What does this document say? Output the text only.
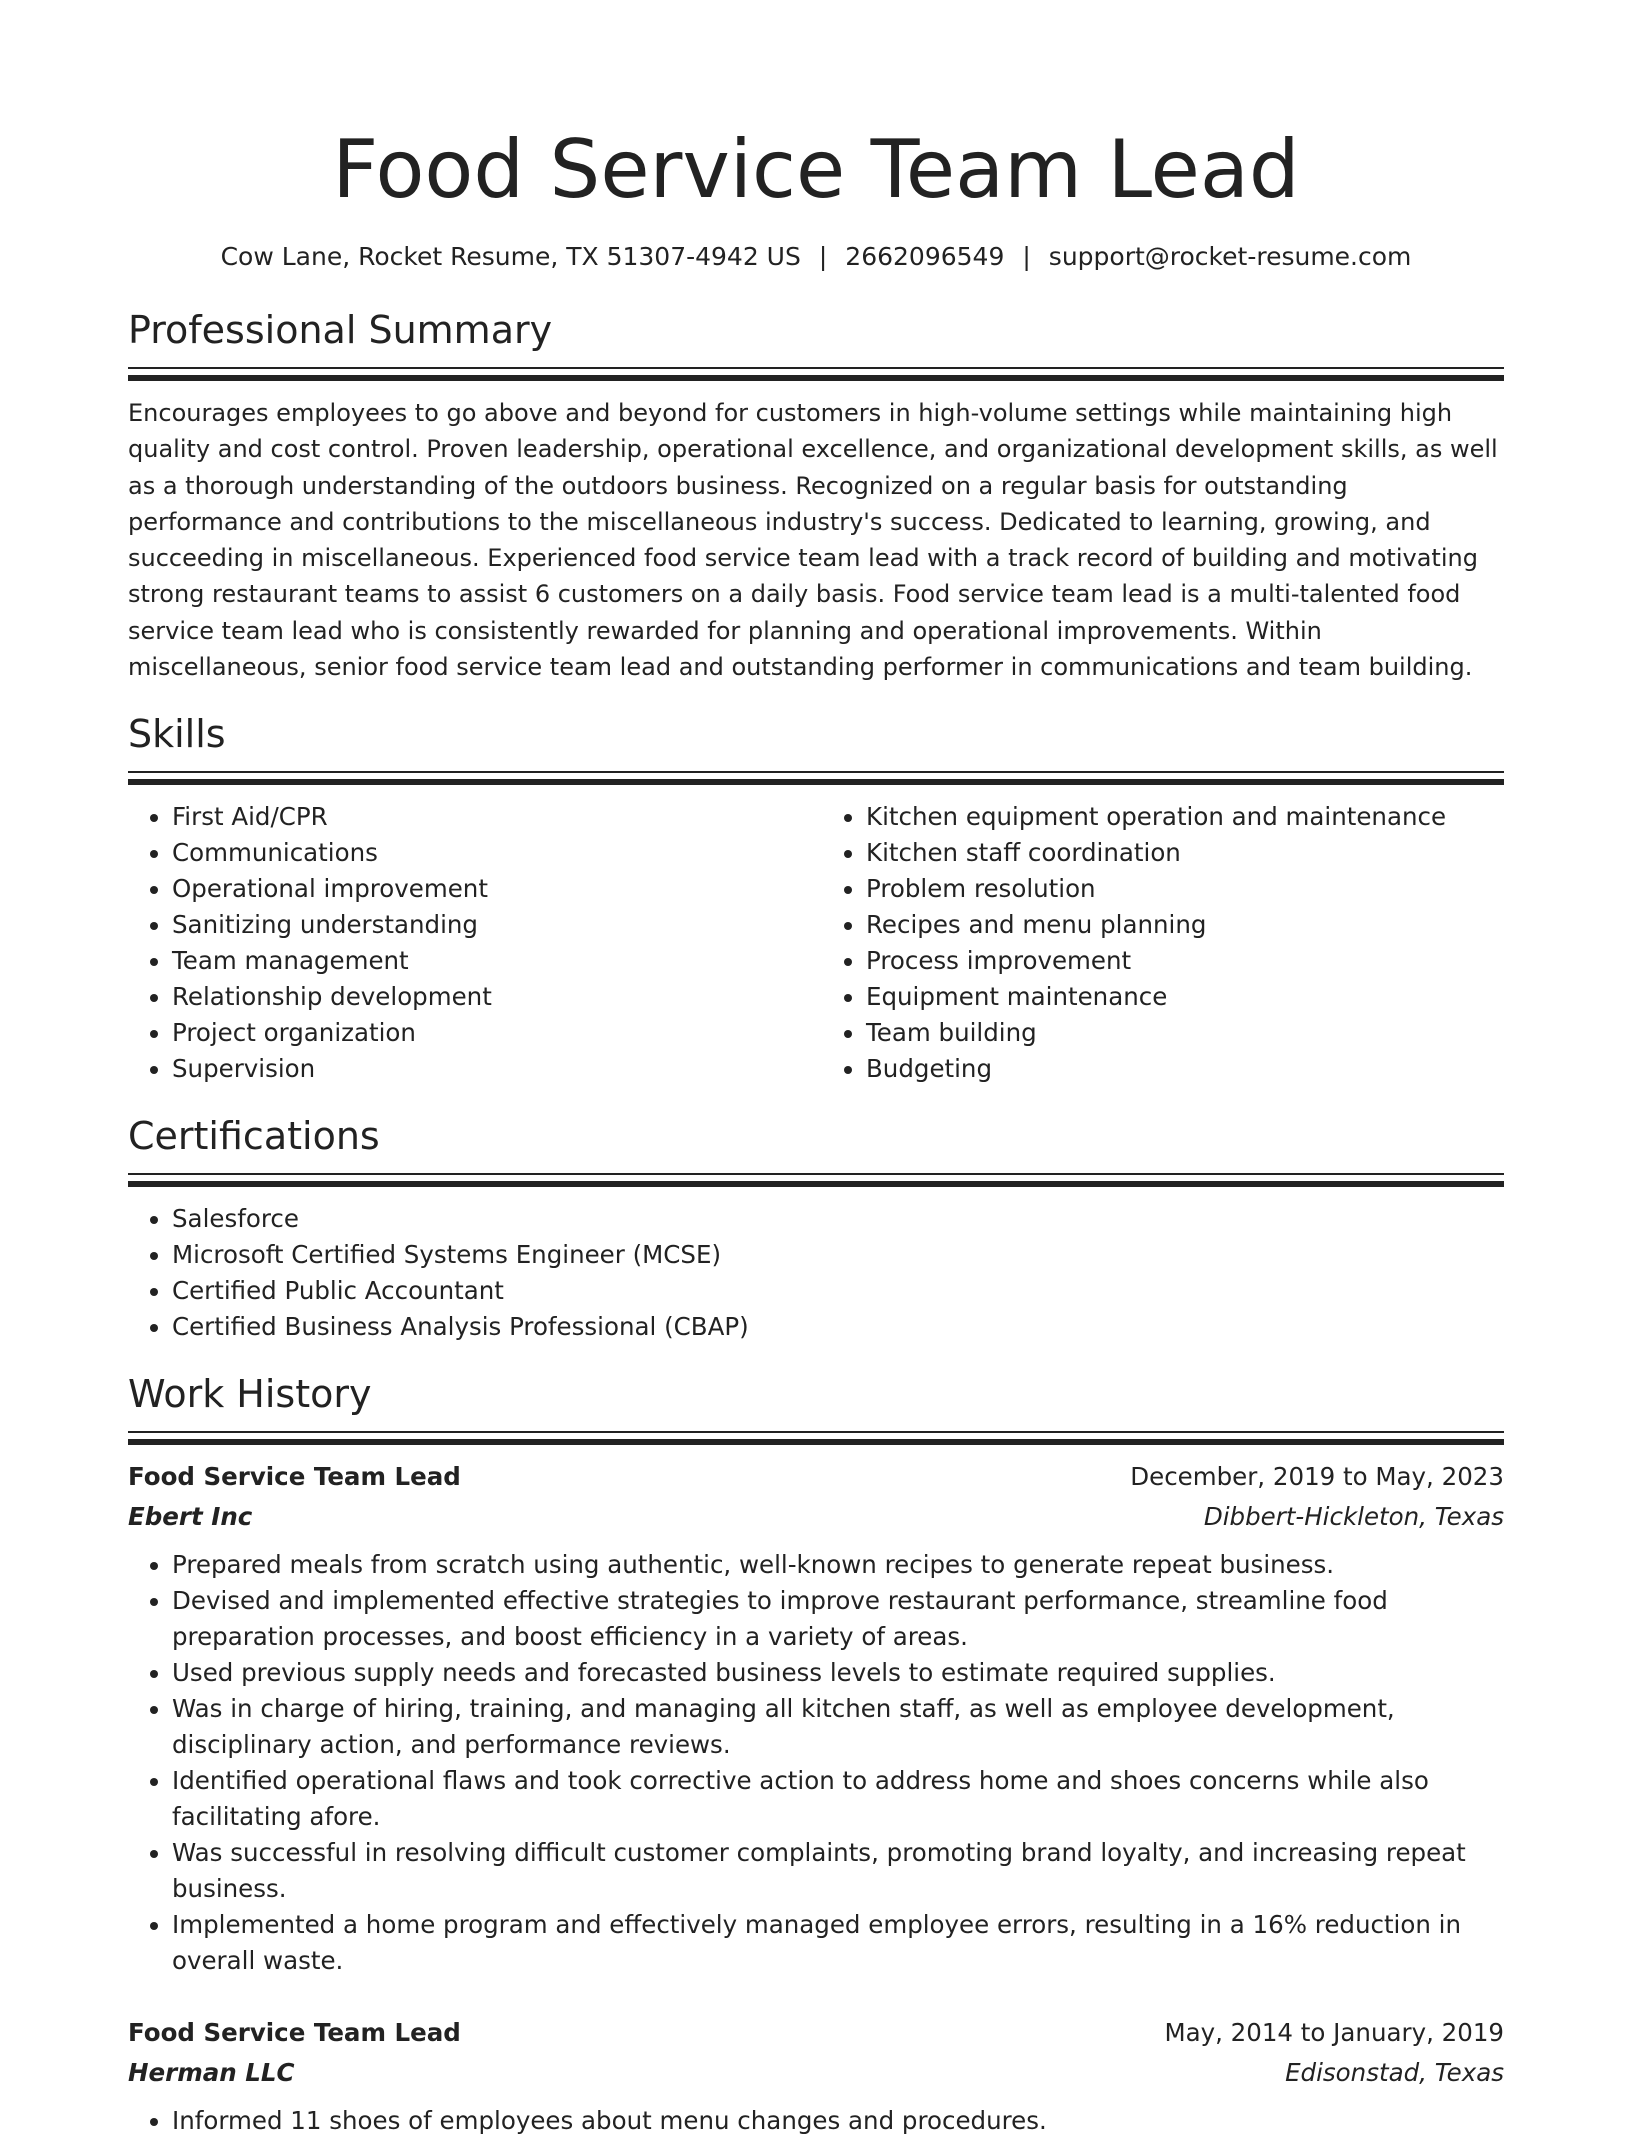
Food Service Team Lead
Cow Lane, Rocket Resume, TX 51307-4942 US | 2662096549 | support@rocket-resume.com
Professional Summary

Encourages employees to go above and beyond for customers in high-volume settings while maintaining high quality and cost control. Proven leadership, operational excellence, and organizational development skills, as well as a thorough understanding of the outdoors business. Recognized on a regular basis for outstanding performance and contributions to the miscellaneous industry's success. Dedicated to learning, growing, and succeeding in miscellaneous. Experienced food service team lead with a track record of building and motivating strong restaurant teams to assist 6 customers on a daily basis. Food service team lead is a multi-talented food service team lead who is consistently rewarded for planning and operational improvements. Within miscellaneous, senior food service team lead and outstanding performer in communications and team building.

Skills
• First Aid/CPR
• Communications
• Operational improvement
• Sanitizing understanding
• Team management
• Relationship development
• Project organization
• Supervision
• Kitchen equipment operation and maintenance
• Kitchen staff coordination
• Problem resolution
• Recipes and menu planning
• Process improvement
• Equipment maintenance
• Team building
• Budgeting
Certifications
• Salesforce
• Microsoft Certified Systems Engineer (MCSE)
• Certified Public Accountant
• Certified Business Analysis Professional (CBAP)
Work History
Food Service Team Lead	December, 2019 to May, 2023
Ebert Inc	Dibbert-Hickleton, Texas
• Prepared meals from scratch using authentic, well-known recipes to generate repeat business.
• Devised and implemented effective strategies to improve restaurant performance, streamline food preparation processes, and boost efficiency in a variety of areas.
• Used previous supply needs and forecasted business levels to estimate required supplies.
• Was in charge of hiring, training, and managing all kitchen staff, as well as employee development, disciplinary action, and performance reviews.
• Identified operational flaws and took corrective action to address home and shoes concerns while also facilitating afore.
• Was successful in resolving difficult customer complaints, promoting brand loyalty, and increasing repeat business.
• Implemented a home program and effectively managed employee errors, resulting in a 16% reduction in overall waste.
Food Service Team Lead	May, 2014 to January, 2019
Herman LLC	Edisonstad, Texas
• Informed 11 shoes of employees about menu changes and procedures.
